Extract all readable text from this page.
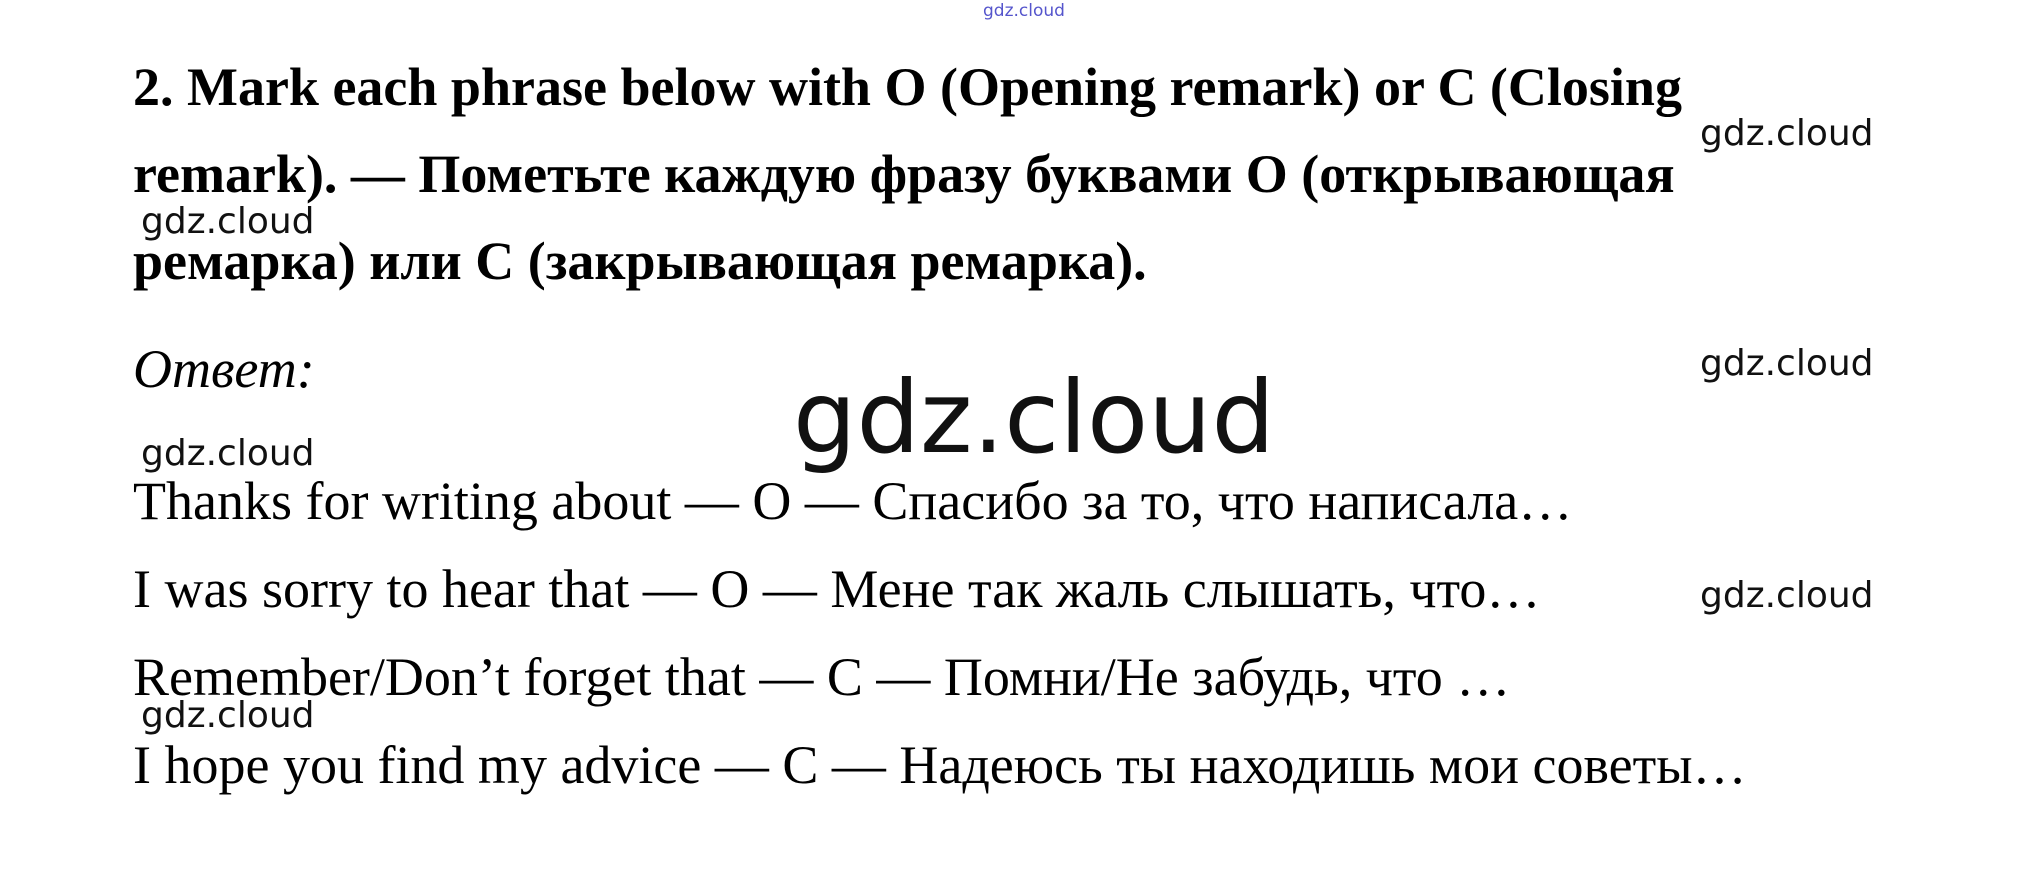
gdz.cloud
2. Mark each phrase below with O (Opening remark) or C (Closing remark). — Пометьте каждую фразу буквами O (открывающая ремарка) или C (закрывающая ремарка).
Ответ:	gdz.cloud
Thanks for writing about — O — Спасибо за то, что написала…
I was sorry to hear that — O — Мене так жаль слышать, что…
Remember/Don’t forget that — C — Помни/Не забудь, что …
I hope you find my advice — C — Надеюсь ты находишь мои советы…
gdz.cloud
gdz.cloud
gdz.cloud
gdz.cloud
gdz.cloud
gdz.cloud
